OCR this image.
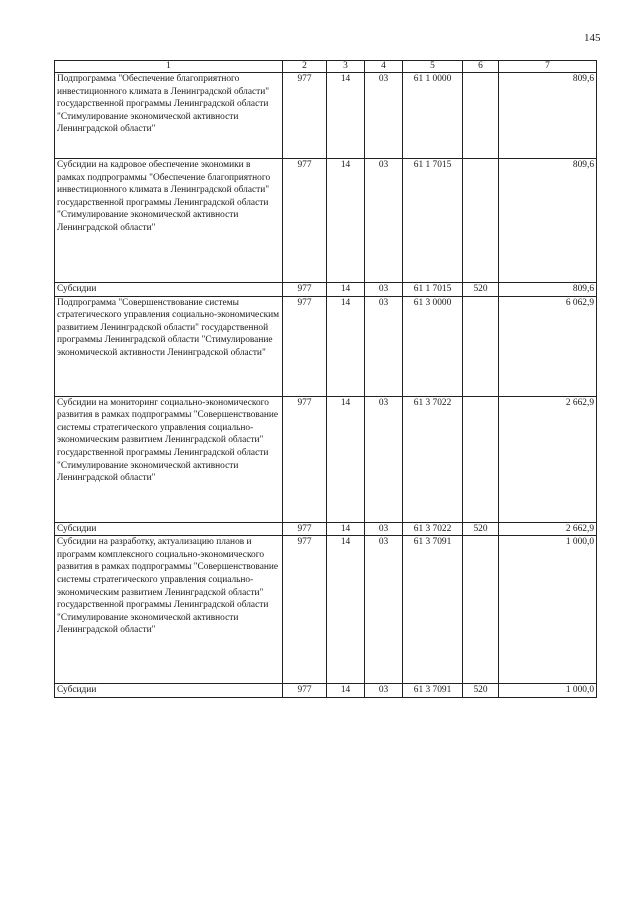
145
1	2	3	4	5	6	7
Подпрограмма "Обеспечение благоприятного инвестиционного климата в Ленинградской области" государственной программы Ленинградской области "Стимулирование экономической активности Ленинградской области"	977	14	03	61 1 0000		809,6
Субсидии на кадровое обеспечение экономики в рамках подпрограммы "Обеспечение благоприятного инвестиционного климата в Ленинградской области" государственной программы Ленинградской области "Стимулирование экономической активности Ленинградской области"	977	14	03	61 1 7015		809,6
Субсидии	977	14	03	61 1 7015	520	809,6
Подпрограмма "Совершенствование системы стратегического управления социально-экономическим развитием Ленинградской области" государственной программы Ленинградской области "Стимулирование экономической активности Ленинградской области"	977	14	03	61 3 0000		6 062,9
Субсидии на мониторинг социально-экономического развития в рамках подпрограммы "Совершенствование системы стратегического управления социально-экономическим развитием Ленинградской области" государственной программы Ленинградской области "Стимулирование экономической активности Ленинградской области"	977	14	03	61 3 7022		2 662,9
Субсидии	977	14	03	61 3 7022	520	2 662,9
Субсидии на разработку, актуализацию планов и программ комплексного социально-экономического развития в рамках подпрограммы "Совершенствование системы стратегического управления социально-экономическим развитием Ленинградской области" государственной программы Ленинградской области "Стимулирование экономической активности Ленинградской области"	977	14	03	61 3 7091		1 000,0
Субсидии	977	14	03	61 3 7091	520	1 000,0
